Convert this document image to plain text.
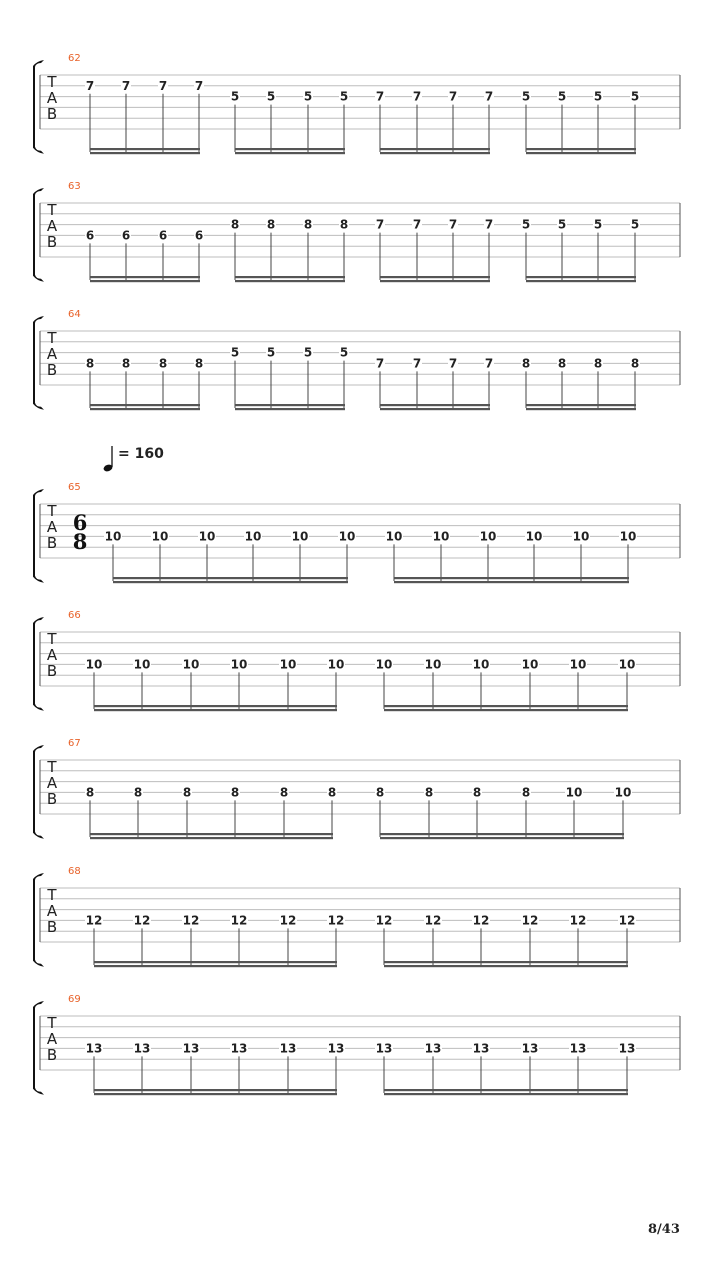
62
T
A
B
7 7 7 7
5 5 5 5 7 7 7 7 5 5 5 5
63
T
A
B 6 6 6 6
8 8 8 8 7 7 7 7 5 5 5 5
64
T
A
B 8 8 8 8
5 5 5 5
7 7 7 7 8 8 8 8
65
T
A
B
6
8 10	10	10 10	10	10	10	10	10 10	10	10
66
T
A
B 10	10	10	10	10	10	10	10	10	10	10	10
67
T
A
B 8	8	8	8	8	8	8	8	8	8	10	10
68
T
A
B 12	12	12	12	12	12	12	12	12	12	12	12
69
T
A
B 13	13	13	13	13	13	13	13	13	13	13	13
= 160
8/43
